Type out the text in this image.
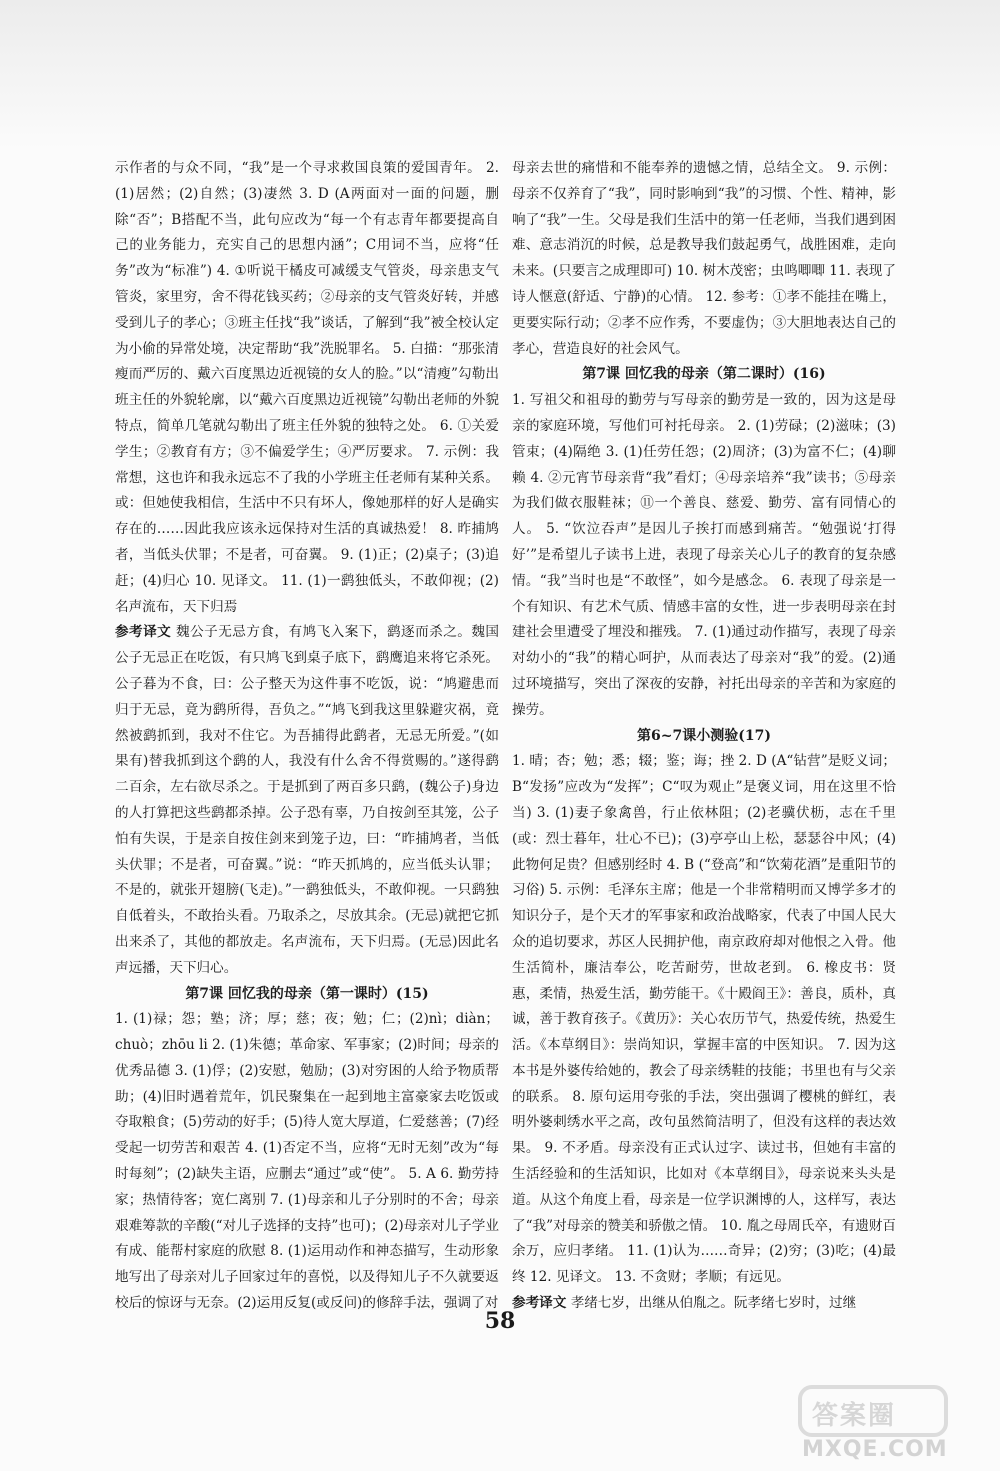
示作者的与众不同，“我”是一个寻求救国良策的爱国青年。 2. (1)居然；(2)自然；(3)凄然 3. D (A两面对一面的问题，删除“否”；B搭配不当，此句应改为“每一个有志青年都要提高自己的业务能力，充实自己的思想内涵”；C用词不当，应将“任务”改为“标准”) 4. ①听说干橘皮可减缓支气管炎，母亲患支气管炎，家里穷，舍不得花钱买药；②母亲的支气管炎好转，并感受到儿子的孝心；③班主任找“我”谈话，了解到“我”被全校认定为小偷的异常处境，决定帮助“我”洗脱罪名。 5. 白描：“那张清瘦而严厉的、戴六百度黑边近视镜的女人的脸。”以“清瘦”勾勒出班主任的外貌轮廓，以“戴六百度黑边近视镜”勾勒出老师的外貌特点，简单几笔就勾勒出了班主任外貌的独特之处。 6. ①关爱学生；②教育有方；③不偏爱学生；④严厉要求。 7. 示例：我常想，这也许和我永远忘不了我的小学班主任老师有某种关系。或：但她使我相信，生活中不只有坏人，像她那样的好人是确实存在的……因此我应该永远保持对生活的真诚热爱！ 8. 昨捕鸠者，当低头伏罪；不是者，可奋翼。 9. (1)正；(2)桌子；(3)追赶；(4)归心 10. 见译文。 11. (1)一鹞独低头，不敢仰视；(2)名声流布，天下归焉

参考译文 魏公子无忌方食，有鸠飞入案下，鹞逐而杀之。魏国公子无忌正在吃饭，有只鸠飞到桌子底下，鹞鹰追来将它杀死。公子暮为不食，曰：公子整天为这件事不吃饭，说：“鸠避患而归于无忌，竟为鹞所得，吾负之。”“鸠飞到我这里躲避灾祸，竟然被鹞抓到，我对不住它。为吾捕得此鹞者，无忌无所爱。”(如果有)替我抓到这个鹞的人，我没有什么舍不得赏赐的。”遂得鹞二百余，左右欲尽杀之。于是抓到了两百多只鹞，(魏公子)身边的人打算把这些鹞都杀掉。公子恐有辜，乃自按剑至其笼，公子怕有失误，于是亲自按住剑来到笼子边，曰：“昨捕鸠者，当低头伏罪；不是者，可奋翼。”说：“昨天抓鸠的，应当低头认罪；不是的，就张开翅膀(飞走)。”一鹞独低头，不敢仰视。一只鹞独自低着头，不敢抬头看。乃取杀之，尽放其余。(无忌)就把它抓出来杀了，其他的都放走。名声流布，天下归焉。(无忌)因此名声远播，天下归心。

第7课 回忆我的母亲（第一课时）(15)

1. (1)禄；怨；塾；济；厚；慈；夜；勉；仁；(2)nì；diàn；chuò；zhōu li 2. (1)朱德；革命家、军事家；(2)时间；母亲的优秀品德 3. (1)俘；(2)安慰，勉励；(3)对穷困的人给予物质帮助；(4)旧时遇着荒年，饥民聚集在一起到地主富豪家去吃饭或夺取粮食；(5)劳动的好手；(5)待人宽大厚道，仁爱慈善；(7)经受起一切劳苦和艰苦 4. (1)否定不当，应将“无时无刻”改为“每时每刻”；(2)缺失主语，应删去“通过”或“使”。 5. A 6. 勤劳持家；热情待客；宽仁离别 7. (1)母亲和儿子分别时的不舍；母亲艰难筹款的辛酸(“对儿子选择的支持”也可)；(2)母亲对儿子学业有成、能帮村家庭的欣慰 8. (1)运用动作和神态描写，生动形象地写出了母亲对儿子回家过年的喜悦，以及得知儿子不久就要返校后的惊讶与无奈。(2)运用反复(或反问)的修辞手法，强调了对

母亲去世的痛惜和不能奉养的遗憾之情，总结全文。 9. 示例：母亲不仅养育了“我”，同时影响到“我”的习惯、个性、精神，影响了“我”一生。父母是我们生活中的第一任老师，当我们遇到困难、意志消沉的时候，总是教导我们鼓起勇气，战胜困难，走向未来。(只要言之成理即可) 10. 树木茂密；虫鸣唧唧 11. 表现了诗人惬意(舒适、宁静)的心情。 12. 参考：①孝不能挂在嘴上，更要实际行动；②孝不应作秀，不要虚伪；③大胆地表达自己的孝心，营造良好的社会风气。

第7课 回忆我的母亲（第二课时）(16)

1. 写祖父和祖母的勤劳与写母亲的勤劳是一致的，因为这是母亲的家庭环境，写他们可衬托母亲。 2. (1)劳碌；(2)滋味；(3)管束；(4)隔绝 3. (1)任劳任怨；(2)周济；(3)为富不仁；(4)聊赖 4. ②元宵节母亲背“我”看灯；④母亲培养“我”读书；⑤母亲为我们做衣服鞋袜；⑪一个善良、慈爱、勤劳、富有同情心的人。 5. “饮泣吞声”是因儿子挨打而感到痛苦。“勉强说‘打得好’”是希望儿子读书上进，表现了母亲关心儿子的教育的复杂感情。“我”当时也是“不敢怪”，如今是感念。 6. 表现了母亲是一个有知识、有艺术气质、情感丰富的女性，进一步表明母亲在封建社会里遭受了埋没和摧残。 7. (1)通过动作描写，表现了母亲对幼小的“我”的精心呵护，从而表达了母亲对“我”的爱。(2)通过环境描写，突出了深夜的安静，衬托出母亲的辛苦和为家庭的操劳。

第6~7课小测验(17)

1. 晴；杏；勉；悉；辍；鉴；诲；挫 2. D (A“钻营”是贬义词；B“发扬”应改为“发挥”；C“叹为观止”是褒义词，用在这里不恰当) 3. (1)妻子象禽兽，行止依林阻；(2)老骥伏枥，志在千里(或：烈士暮年，壮心不已)；(3)亭亭山上松，瑟瑟谷中风；(4)此物何足贵？但感别经时 4. B (“登高”和“饮菊花酒”是重阳节的习俗) 5. 示例：毛泽东主席；他是一个非常精明而又博学多才的知识分子，是个天才的军事家和政治战略家，代表了中国人民大众的追切要求，苏区人民拥护他，南京政府却对他恨之入骨。他生活简朴，廉洁奉公，吃苦耐劳，世故老到。 6. 橡皮书：贤惠，柔情，热爱生活，勤劳能干。《十殿阎王》：善良，质朴，真诚，善于教育孩子。《黄历》：关心农历节气，热爱传统，热爱生活。《本草纲目》：崇尚知识，掌握丰富的中医知识。 7. 因为这本书是外婆传给她的，教会了母亲绣鞋的技能；书里也有与父亲的联系。 8. 原句运用夸张的手法，突出强调了樱桃的鲜红，表明外婆刺绣水平之高，改句虽然简洁明了，但没有这样的表达效果。 9. 不矛盾。母亲没有正式认过字、读过书，但她有丰富的生活经验和的生活知识，比如对《本草纲目》，母亲说来头头是道。从这个角度上看，母亲是一位学识渊博的人，这样写，表达了“我”对母亲的赞美和骄傲之情。 10. 胤之母周氏卒，有遗财百余万，应归孝绪。 11. (1)认为……奇异；(2)穷；(3)吃；(4)最终 12. 见译文。 13. 不贪财；孝顺；有远见。

参考译文 孝绪七岁，出继从伯胤之。阮孝绪七岁时，过继

58
答案圈
MXQE.COM
